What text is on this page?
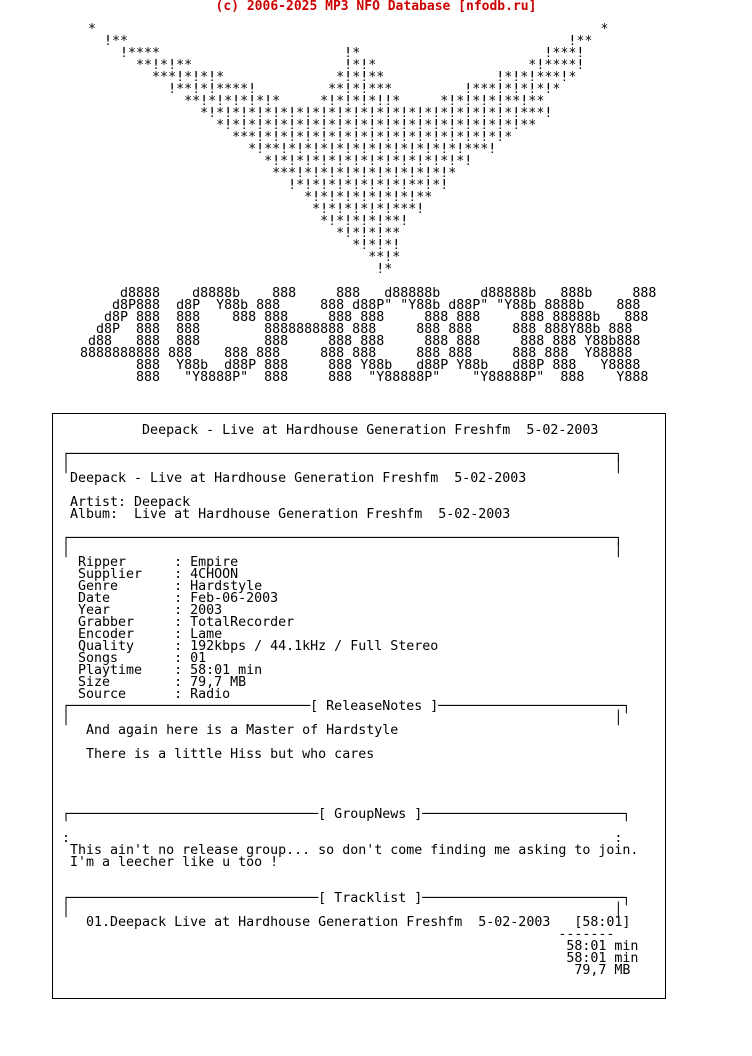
(c) 2006-2025 MP3 NFO Database [nfodb.ru]
*                                                               *
!**                                                       !**
!****                       !*                       !***!
**!*!**                   !*!*                   *!****!
***!*!*!*              *!*!**              !*!*!***!*
!**!*!****!         **!*!***         !***!*!*!*!*
**!*!*!*!*!*     *!*!*!*!!*     *!*!*!*!**!**
*!*!*!*!*!*!*!*!*!*!*!*!*!*!*!*!*!*!*!*!***!
*!*!*!*!*!*!*!*!*!*!*!*!*!*!*!*!*!*!*!**
***!*!*!*!*!*!*!*!*!*!*!*!*!*!*!*!*
*!**!*!*!*!*!*!*!*!*!*!*!*!***!
*!*!*!*!*!*!*!*!*!*!*!*!*!
***!*!*!*!*!*!*!*!*!*!*
!*!*!*!*!*!*!*!**!*!
*!*!*!*!*!*!*!**
*!*!*!*!*!***!
*!*!*!*!**!
*!*!*!**
*!*!*!
**!*
!*
d8888    d8888b    888     888   d88888b     d88888b   888b     888
d8P888  d8P  Y88b 888     888 d88P" "Y88b d88P" "Y88b 8888b    888
d8P 888  888    888 888     888 888     888 888     888 88888b   888
d8P  888  888        8888888888 888     888 888     888 888Y88b 888
d88   888  888        888     888 888     888 888     888 888 Y88b888
8888888888 888    888 888     888 888     888 888     888 888  Y88888
888  Y88b  d88P 888     888 Y88b   d88P Y88b   d88P 888   Y8888
888   "Y8888P"  888     888  "Y88888P"    "Y88888P"  888    Y888
Deepack - Live at Hardhouse Generation Freshfm  5-02-2003

┌────────────────────────────────────────────────────────────────────┐
│                                                                    │
Deepack - Live at Hardhouse Generation Freshfm  5-02-2003

Artist: Deepack
Album:  Live at Hardhouse Generation Freshfm  5-02-2003

┌────────────────────────────────────────────────────────────────────┐
│                                                                    │
Ripper      : Empire
Supplier    : 4CHOON
Genre       : Hardstyle
Date        : Feb-06-2003
Year        : 2003
Grabber     : TotalRecorder
Encoder     : Lame
Quality     : 192kbps / 44.1kHz / Full Stereo
Songs       : 01
Playtime    : 58:01 min
Size        : 79,7 MB
Source      : Radio
┌──────────────────────────────[ ReleaseNotes ]───────────────────────┐
│                                                                    │
And again here is a Master of Hardstyle

There is a little Hiss but who cares

┌───────────────────────────────[ GroupNews ]─────────────────────────┐

:                                                                    :
This ain't no release group... so don't come finding me asking to join.
I'm a leecher like u too !

┌───────────────────────────────[ Tracklist ]─────────────────────────┐
│                                                                    │
01.Deepack Live at Hardhouse Generation Freshfm  5-02-2003   [58:01]
-------
58:01 min
58:01 min
79,7 MB
